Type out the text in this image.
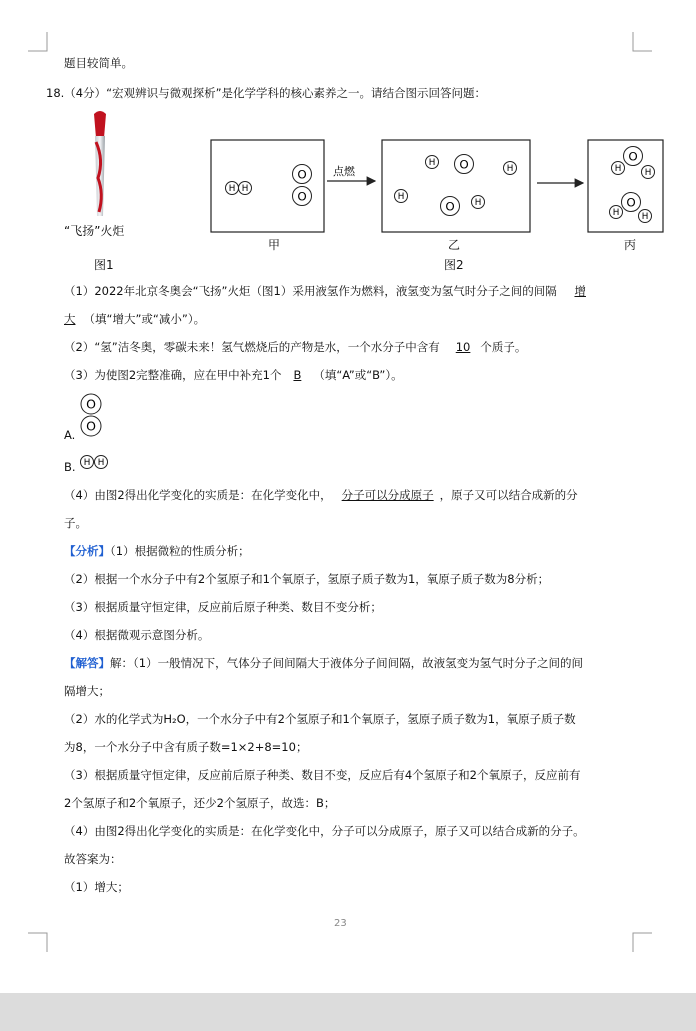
题目较简单。
18.（4分）“宏观辨识与微观探析”是化学学科的核心素养之一。请结合图示回答问题：
“飞扬”火炬
图1
点燃
H H
O
O
H O	H
H
O H
O
H	H
O
H	H
甲	乙	丙
图2
（1）2022年北京冬奥会“飞扬”火炬（图1）采用液氢作为燃料，液氢变为氢气时分子之间的间隔 增
大 （填“增大”或“减小”）。
（2）“氢”洁冬奥，零碳未来！氢气燃烧后的产物是水，一个水分子中含有 10 个质子。
（3）为使图2完整准确，应在甲中补充1个 B （填“A”或“B”）。
A.
O
O
B. H H
（4）由图2得出化学变化的实质是：在化学变化中， 分子可以分成原子 ，原子又可以结合成新的分
子。
【分析】（1）根据微粒的性质分析；
（2）根据一个水分子中有2个氢原子和1个氧原子，氢原子质子数为1，氧原子质子数为8分析；
（3）根据质量守恒定律，反应前后原子种类、数目不变分析；
（4）根据微观示意图分析。
【解答】解：（1）一般情况下，气体分子间间隔大于液体分子间间隔，故液氢变为氢气时分子之间的间
隔增大；
（2）水的化学式为H₂O，一个水分子中有2个氢原子和1个氧原子，氢原子质子数为1，氧原子质子数
为8，一个水分子中含有质子数=1×2+8=10；
（3）根据质量守恒定律，反应前后原子种类、数目不变，反应后有4个氢原子和2个氧原子，反应前有
2个氢原子和2个氧原子，还少2个氢原子，故选：B；
（4）由图2得出化学变化的实质是：在化学变化中，分子可以分成原子，原子又可以结合成新的分子。
故答案为：
（1）增大；
23
